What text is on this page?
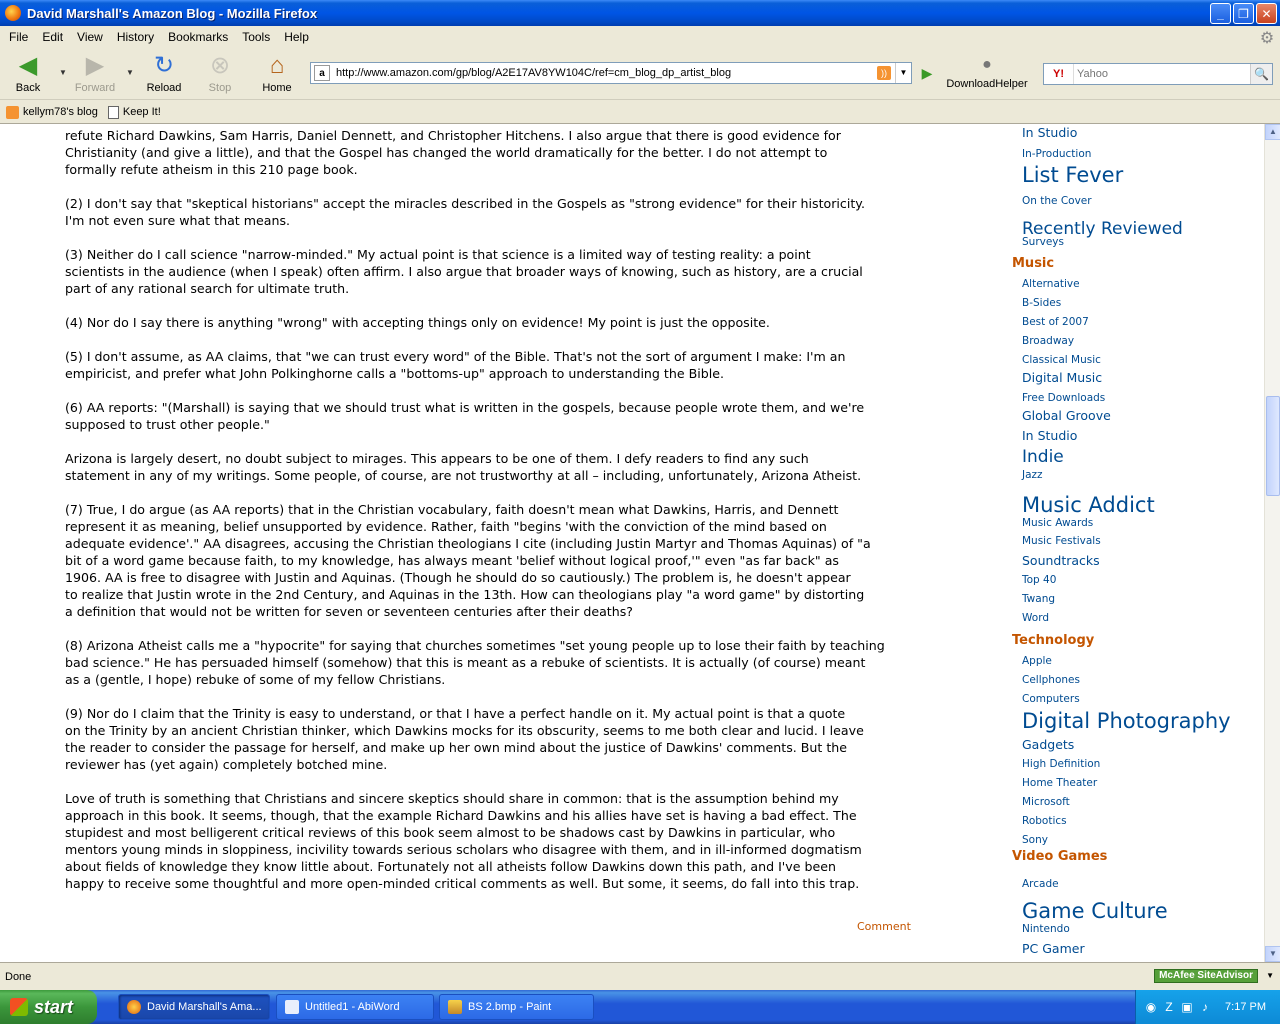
David Marshall's Amazon Blog - Mozilla Firefox	_	❐	✕
File	Edit	View	History	Bookmarks	Tools	Help	⚙
◀
Back
▼ ▶
Forward
▼ ↻
Reload
⊗
Stop
⌂
Home
a	http://www.amazon.com/gp/blog/A2E17AV8YW104C/ref=cm_blog_dp_artist_blog	))	▼ ▶	●
DownloadHelper
Y!
Yahoo	🔍
kellym78's blog Keep It!

refute Richard Dawkins, Sam Harris, Daniel Dennett, and Christopher Hitchens. I also argue that there is good evidence for
Christianity (and give a little), and that the Gospel has changed the world dramatically for the better. I do not attempt to
formally refute atheism in this 210 page book.

(2) I don't say that "skeptical historians" accept the miracles described in the Gospels as "strong evidence" for their historicity.
I'm not even sure what that means.

(3) Neither do I call science "narrow-minded." My actual point is that science is a limited way of testing reality: a point
scientists in the audience (when I speak) often affirm. I also argue that broader ways of knowing, such as history, are a crucial
part of any rational search for ultimate truth.

(4) Nor do I say there is anything "wrong" with accepting things only on evidence! My point is just the opposite.

(5) I don't assume, as AA claims, that "we can trust every word" of the Bible. That's not the sort of argument I make: I'm an
empiricist, and prefer what John Polkinghorne calls a "bottoms-up" approach to understanding the Bible.

(6) AA reports: "(Marshall) is saying that we should trust what is written in the gospels, because people wrote them, and we're
supposed to trust other people."

Arizona is largely desert, no doubt subject to mirages. This appears to be one of them. I defy readers to find any such
statement in any of my writings. Some people, of course, are not trustworthy at all – including, unfortunately, Arizona Atheist.

(7) True, I do argue (as AA reports) that in the Christian vocabulary, faith doesn't mean what Dawkins, Harris, and Dennett
represent it as meaning, belief unsupported by evidence. Rather, faith "begins 'with the conviction of the mind based on
adequate evidence'." AA disagrees, accusing the Christian theologians I cite (including Justin Martyr and Thomas Aquinas) of "a
bit of a word game because faith, to my knowledge, has always meant 'belief without logical proof,'" even "as far back" as
1906. AA is free to disagree with Justin and Aquinas. (Though he should do so cautiously.) The problem is, he doesn't appear
to realize that Justin wrote in the 2nd Century, and Aquinas in the 13th. How can theologians play "a word game" by distorting
a definition that would not be written for seven or seventeen centuries after their deaths?

(8) Arizona Atheist calls me a "hypocrite" for saying that churches sometimes "set young people up to lose their faith by teaching
bad science." He has persuaded himself (somehow) that this is meant as a rebuke of scientists. It is actually (of course) meant
as a (gentle, I hope) rebuke of some of my fellow Christians.

(9) Nor do I claim that the Trinity is easy to understand, or that I have a perfect handle on it. My actual point is that a quote
on the Trinity by an ancient Christian thinker, which Dawkins mocks for its obscurity, seems to me both clear and lucid. I leave
the reader to consider the passage for herself, and make up her own mind about the justice of Dawkins' comments. But the
reviewer has (yet again) completely botched mine.

Love of truth is something that Christians and sincere skeptics should share in common: that is the assumption behind my
approach in this book. It seems, though, that the example Richard Dawkins and his allies have set is having a bad effect. The
stupidest and most belligerent critical reviews of this book seem almost to be shadows cast by Dawkins in particular, who
mentors young minds in sloppiness, incivility towards serious scholars who disagree with them, and in ill-informed dogmatism
about fields of knowledge they know little about. Fortunately not all atheists follow Dawkins down this path, and I've been
happy to receive some thoughtful and more open-minded critical comments as well. But some, it seems, do fall into this trap.

Comment
In Studio
In-Production
List Fever
On the Cover
Recently Reviewed
Surveys
Music
Alternative
B-Sides
Best of 2007
Broadway
Classical Music
Digital Music
Free Downloads
Global Groove
In Studio
Indie
Jazz
Music Addict
Music Awards
Music Festivals
Soundtracks
Top 40
Twang
Word
Technology
Apple
Cellphones
Computers
Digital Photography
Gadgets
High Definition
Home Theater
Microsoft
Robotics
Sony
Video Games
Arcade
Game Culture
Nintendo
PC Gamer
▲
▼
Done	McAfee SiteAdvisor	▼
start	David Marshall's Ama...	Untitled1 - AbiWord	BS 2.bmp - Paint	◉ Z ▣ ♪	7:17 PM
